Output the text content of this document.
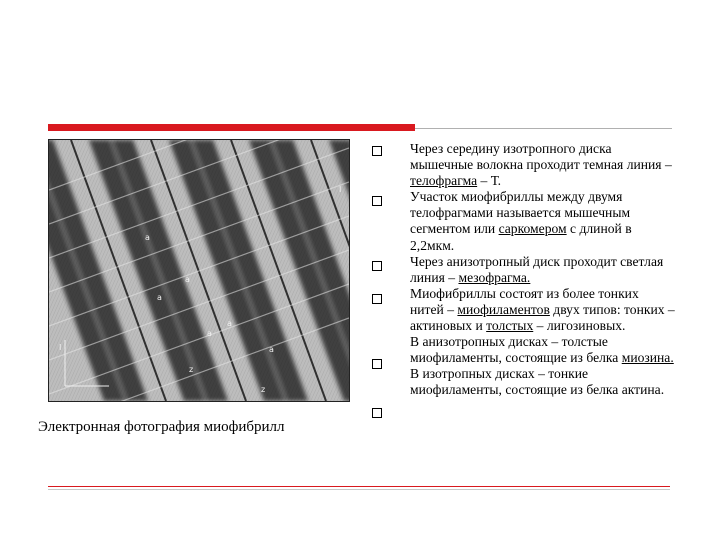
I
I
a
a
a
a
a
a
z
z
Электронная фотография миофибрилл

Через середину изотропного диска мышечные волокна проходит темная линия – телофрагма – Т.

Участок миофибриллы между двумя телофрагмами называется мышечным сегментом или саркомером с длиной в 2,2мкм.

Через анизотропный диск проходит светлая линия – мезофрагма.

Миофибриллы состоят из более тонких нитей – миофиламентов двух типов: тонких – актиновых и толстых – лигозиновых.

В анизотропных дисках – толстые миофиламенты, состоящие из белка миозина.

В изотропных дисках – тонкие миофиламенты, состоящие из белка актина.
